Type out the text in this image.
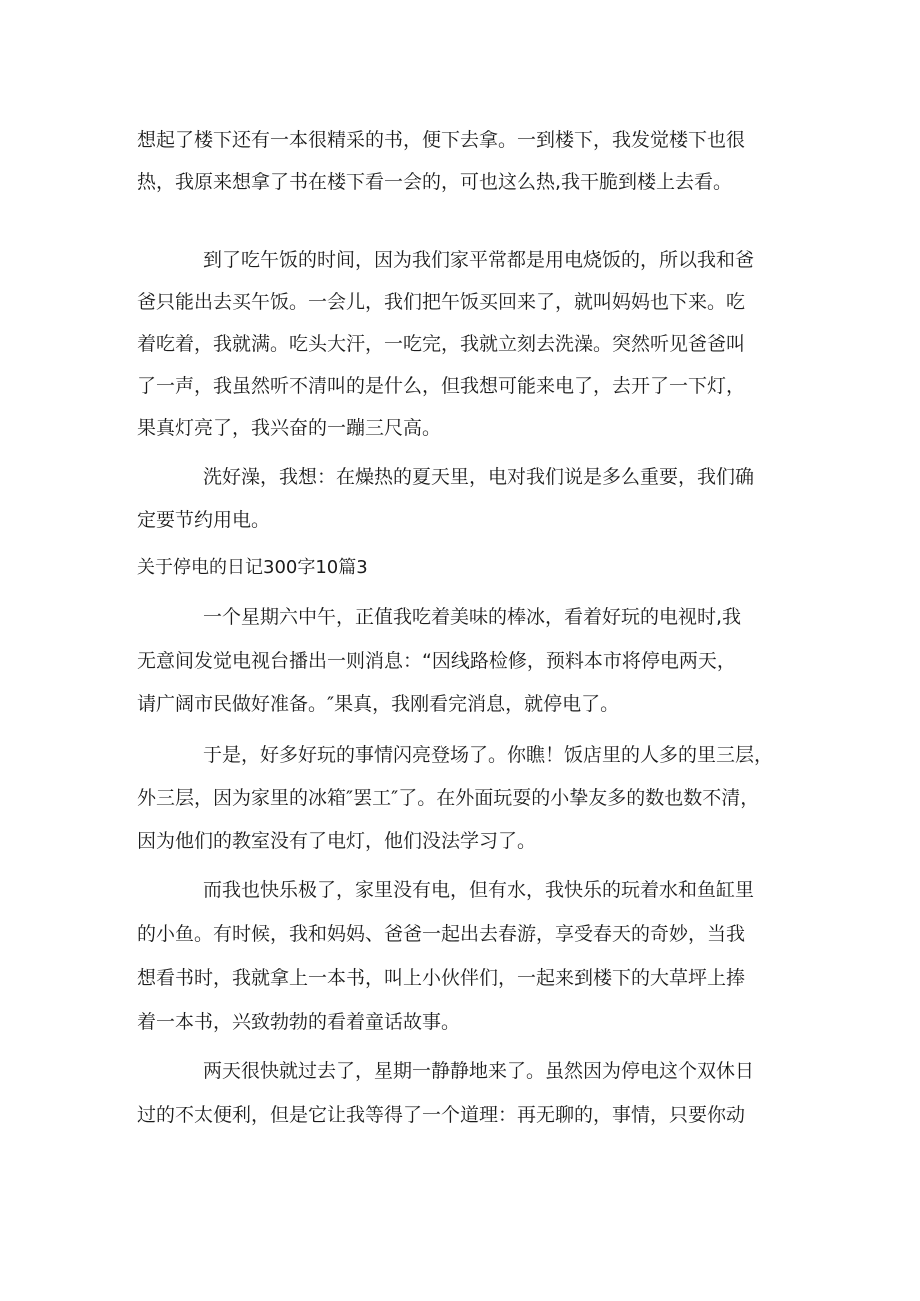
想起了楼下还有一本很精采的书，便下去拿。一到楼下，我发觉楼下也很

热，我原来想拿了书在楼下看一会的，可也这么热,我干脆到楼上去看。

到了吃午饭的时间，因为我们家平常都是用电烧饭的，所以我和爸

爸只能出去买午饭。一会儿，我们把午饭买回来了，就叫妈妈也下来。吃

着吃着，我就满。吃头大汗，一吃完，我就立刻去洗澡。突然听见爸爸叫

了一声，我虽然听不清叫的是什么，但我想可能来电了，去开了一下灯，

果真灯亮了，我兴奋的一蹦三尺高。

洗好澡，我想：在燥热的夏天里，电对我们说是多么重要，我们确

定要节约用电。

关于停电的日记300字10篇3

一个星期六中午，正值我吃着美味的棒冰，看着好玩的电视时,我

无意间发觉电视台播出一则消息：“因线路检修，预料本市将停电两天，

请广阔市民做好准备。″果真，我刚看完消息，就停电了。

于是，好多好玩的事情闪亮登场了。你瞧！饭店里的人多的里三层，

外三层，因为家里的冰箱″罢工″了。在外面玩耍的小挚友多的数也数不清，

因为他们的教室没有了电灯，他们没法学习了。

而我也快乐极了，家里没有电，但有水，我快乐的玩着水和鱼缸里

的小鱼。有时候，我和妈妈、爸爸一起出去春游，享受春天的奇妙，当我

想看书时，我就拿上一本书，叫上小伙伴们，一起来到楼下的大草坪上捧

着一本书，兴致勃勃的看着童话故事。

两天很快就过去了，星期一静静地来了。虽然因为停电这个双休日

过的不太便利，但是它让我等得了一个道理：再无聊的，事情，只要你动
